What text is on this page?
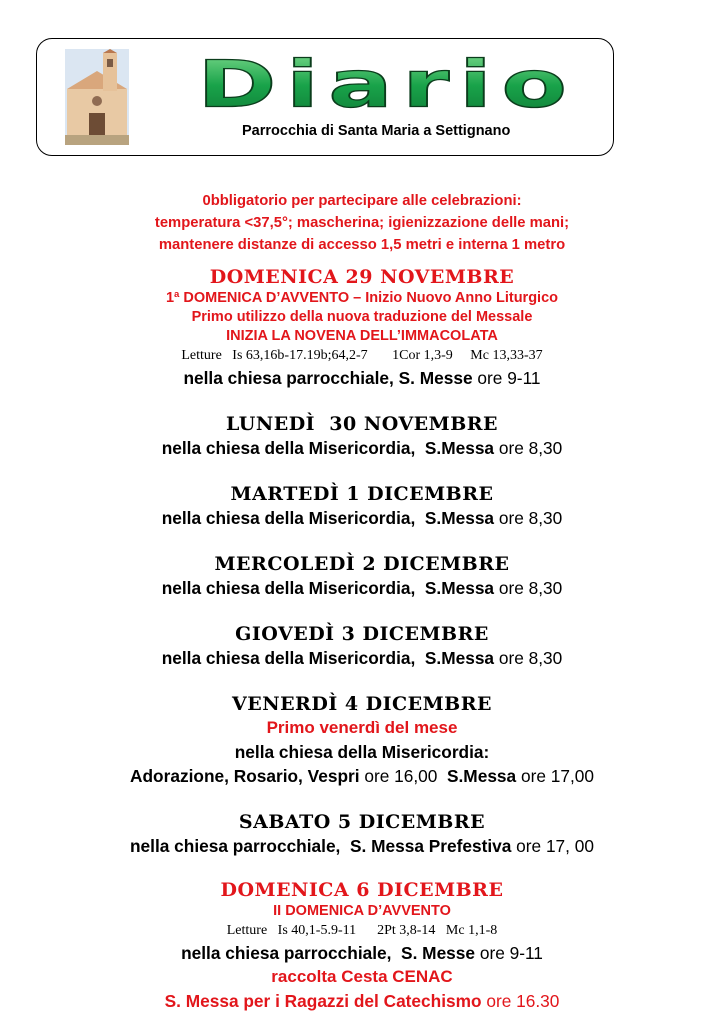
Diario
Parrocchia di Santa Maria a Settignano

0bbligatorio per partecipare alle celebrazioni:

temperatura <37,5°; mascherina; igienizzazione delle mani;

mantenere distanze di accesso 1,5 metri e interna 1 metro

DOMENICA 29 NOVEMBRE

1ª DOMENICA D’AVVENTO – Inizio Nuovo Anno Liturgico

Primo utilizzo della nuova traduzione del Messale

INIZIA LA NOVENA DELL’IMMACOLATA

Letture   Is 63,16b-17.19b;64,2-7       1Cor 1,3-9     Mc 13,33-37

nella chiesa parrocchiale, S. Messe ore 9-11

LUNEDÌ  30 NOVEMBRE

nella chiesa della Misericordia,  S.Messa ore 8,30

MARTEDÌ 1 DICEMBRE

nella chiesa della Misericordia,  S.Messa ore 8,30

MERCOLEDÌ 2 DICEMBRE

nella chiesa della Misericordia,  S.Messa ore 8,30

GIOVEDÌ 3 DICEMBRE

nella chiesa della Misericordia,  S.Messa ore 8,30

VENERDÌ 4 DICEMBRE

Primo venerdì del mese

nella chiesa della Misericordia:

Adorazione, Rosario, Vespri ore 16,00  S.Messa ore 17,00

SABATO 5 DICEMBRE

nella chiesa parrocchiale,  S. Messa Prefestiva ore 17, 00

DOMENICA 6 DICEMBRE

II DOMENICA D’AVVENTO

Letture   Is 40,1-5.9-11      2Pt 3,8-14   Mc 1,1-8

nella chiesa parrocchiale,  S. Messe ore 9-11

raccolta Cesta CENAC

S. Messa per i Ragazzi del Catechismo ore 16.30
